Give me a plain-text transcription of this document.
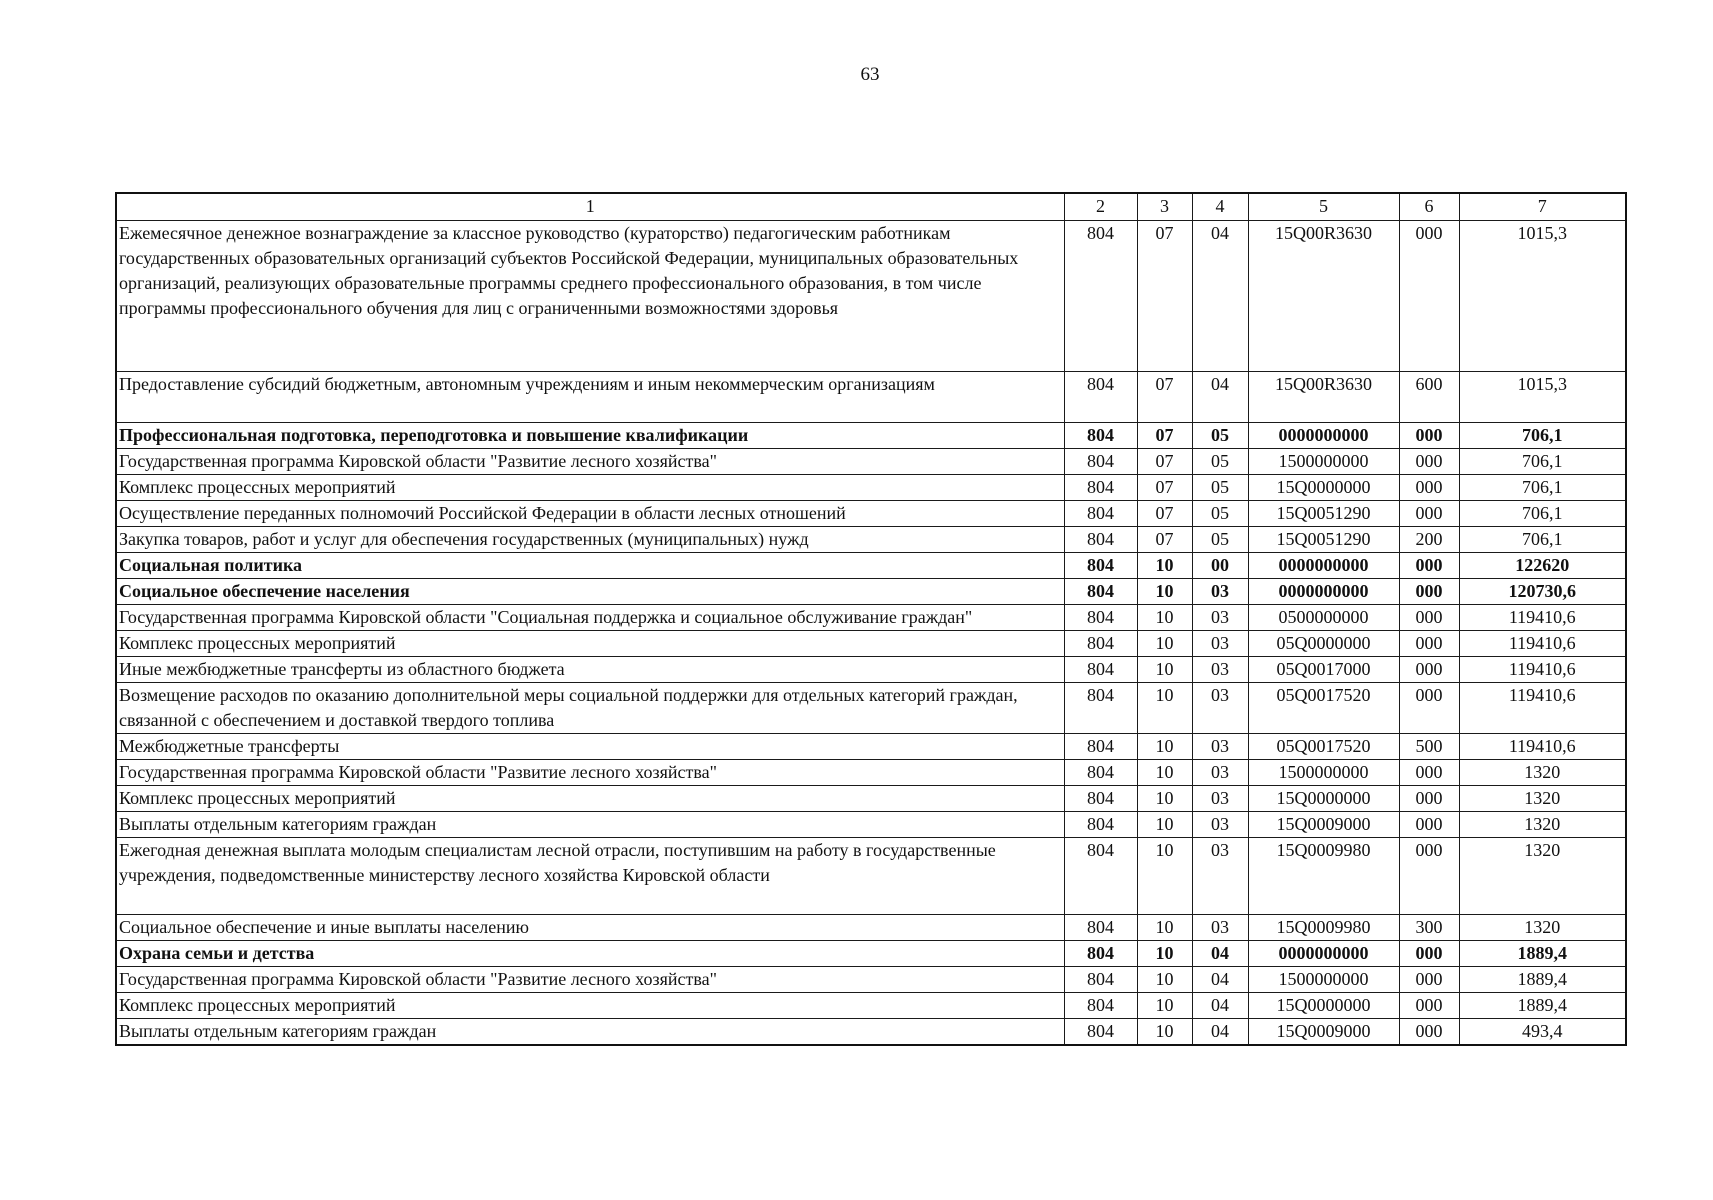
63
1	2	3	4	5	6	7
Ежемесячное денежное вознаграждение за классное руководство (кураторство) педагогическим работникам государственных образовательных организаций субъектов Российской Федерации, муниципальных образовательных организаций, реализующих образовательные программы среднего профессионального образования, в том числе программы профессионального обучения для лиц с ограниченными возможностями здоровья	804	07	04	15Q00R3630	000	1015,3
Предоставление субсидий бюджетным, автономным учреждениям и иным некоммерческим организациям	804	07	04	15Q00R3630	600	1015,3
Профессиональная подготовка, переподготовка и повышение квалификации	804	07	05	0000000000	000	706,1
Государственная программа Кировской области "Развитие лесного хозяйства"	804	07	05	1500000000	000	706,1
Комплекс процессных мероприятий	804	07	05	15Q0000000	000	706,1
Осуществление переданных полномочий Российской Федерации в области лесных отношений	804	07	05	15Q0051290	000	706,1
Закупка товаров, работ и услуг для обеспечения государственных (муниципальных) нужд	804	07	05	15Q0051290	200	706,1
Социальная политика	804	10	00	0000000000	000	122620
Социальное обеспечение населения	804	10	03	0000000000	000	120730,6
Государственная программа Кировской области "Социальная поддержка и социальное обслуживание граждан"	804	10	03	0500000000	000	119410,6
Комплекс процессных мероприятий	804	10	03	05Q0000000	000	119410,6
Иные межбюджетные трансферты из областного бюджета	804	10	03	05Q0017000	000	119410,6
Возмещение расходов по оказанию дополнительной меры социальной поддержки для отдельных категорий граждан, связанной с обеспечением и доставкой твердого топлива	804	10	03	05Q0017520	000	119410,6
Межбюджетные трансферты	804	10	03	05Q0017520	500	119410,6
Государственная программа Кировской области "Развитие лесного хозяйства"	804	10	03	1500000000	000	1320
Комплекс процессных мероприятий	804	10	03	15Q0000000	000	1320
Выплаты отдельным категориям граждан	804	10	03	15Q0009000	000	1320
Ежегодная денежная выплата молодым специалистам лесной отрасли, поступившим на работу в государственные учреждения, подведомственные министерству лесного хозяйства Кировской области	804	10	03	15Q0009980	000	1320
Социальное обеспечение и иные выплаты населению	804	10	03	15Q0009980	300	1320
Охрана семьи и детства	804	10	04	0000000000	000	1889,4
Государственная программа Кировской области "Развитие лесного хозяйства"	804	10	04	1500000000	000	1889,4
Комплекс процессных мероприятий	804	10	04	15Q0000000	000	1889,4
Выплаты отдельным категориям граждан	804	10	04	15Q0009000	000	493,4
